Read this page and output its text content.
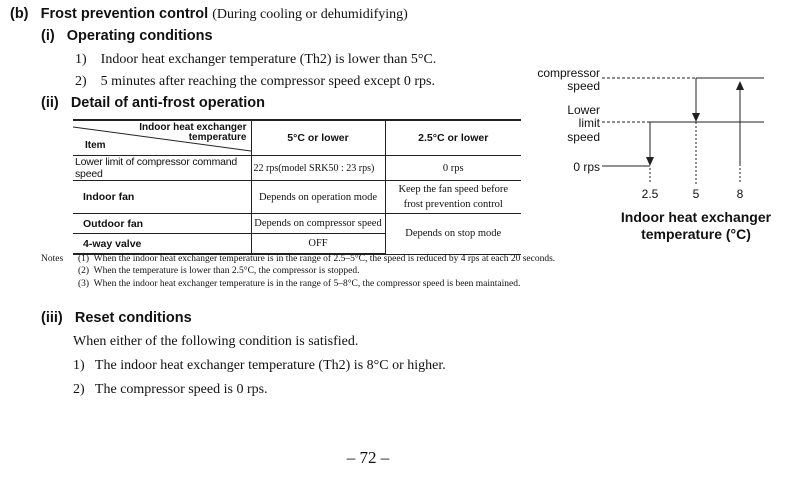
(b) Frost prevention control (During cooling or dehumidifying)
(i) Operating conditions
1) Indoor heat exchanger temperature (Th2) is lower than 5°C.
2) 5 minutes after reaching the compressor speed except 0 rps.
(ii) Detail of anti-frost operation
Indoor heat exchanger
temperature
Item	5°C or lower	2.5°C or lower
Lower limit of compressor command speed	22 rps(model SRK50 : 23 rps)	0 rps
Indoor fan	Depends on operation mode	Keep the fan speed before
frost prevention control

Outdoor fan	Depends on compressor speed	Depends on stop mode
4-way valve	OFF	
Notes (1) When the indoor heat exchanger temperature is in the range of 2.5–5°C, the speed is reduced by 4 rps at each 20 seconds.
(2) When the temperature is lower than 2.5°C, the compressor is stopped.
(3) When the indoor heat exchanger temperature is in the range of 5–8°C, the compressor speed is been maintained.
(iii) Reset conditions
When either of the following condition is satisfied.
1) The indoor heat exchanger temperature (Th2) is 8°C or higher.
2) The compressor speed is 0 rps.
compressor
speed
Lower
limit
speed
0 rps
2.5	5	8
Indoor heat exchanger
temperature (°C)
– 72 –
